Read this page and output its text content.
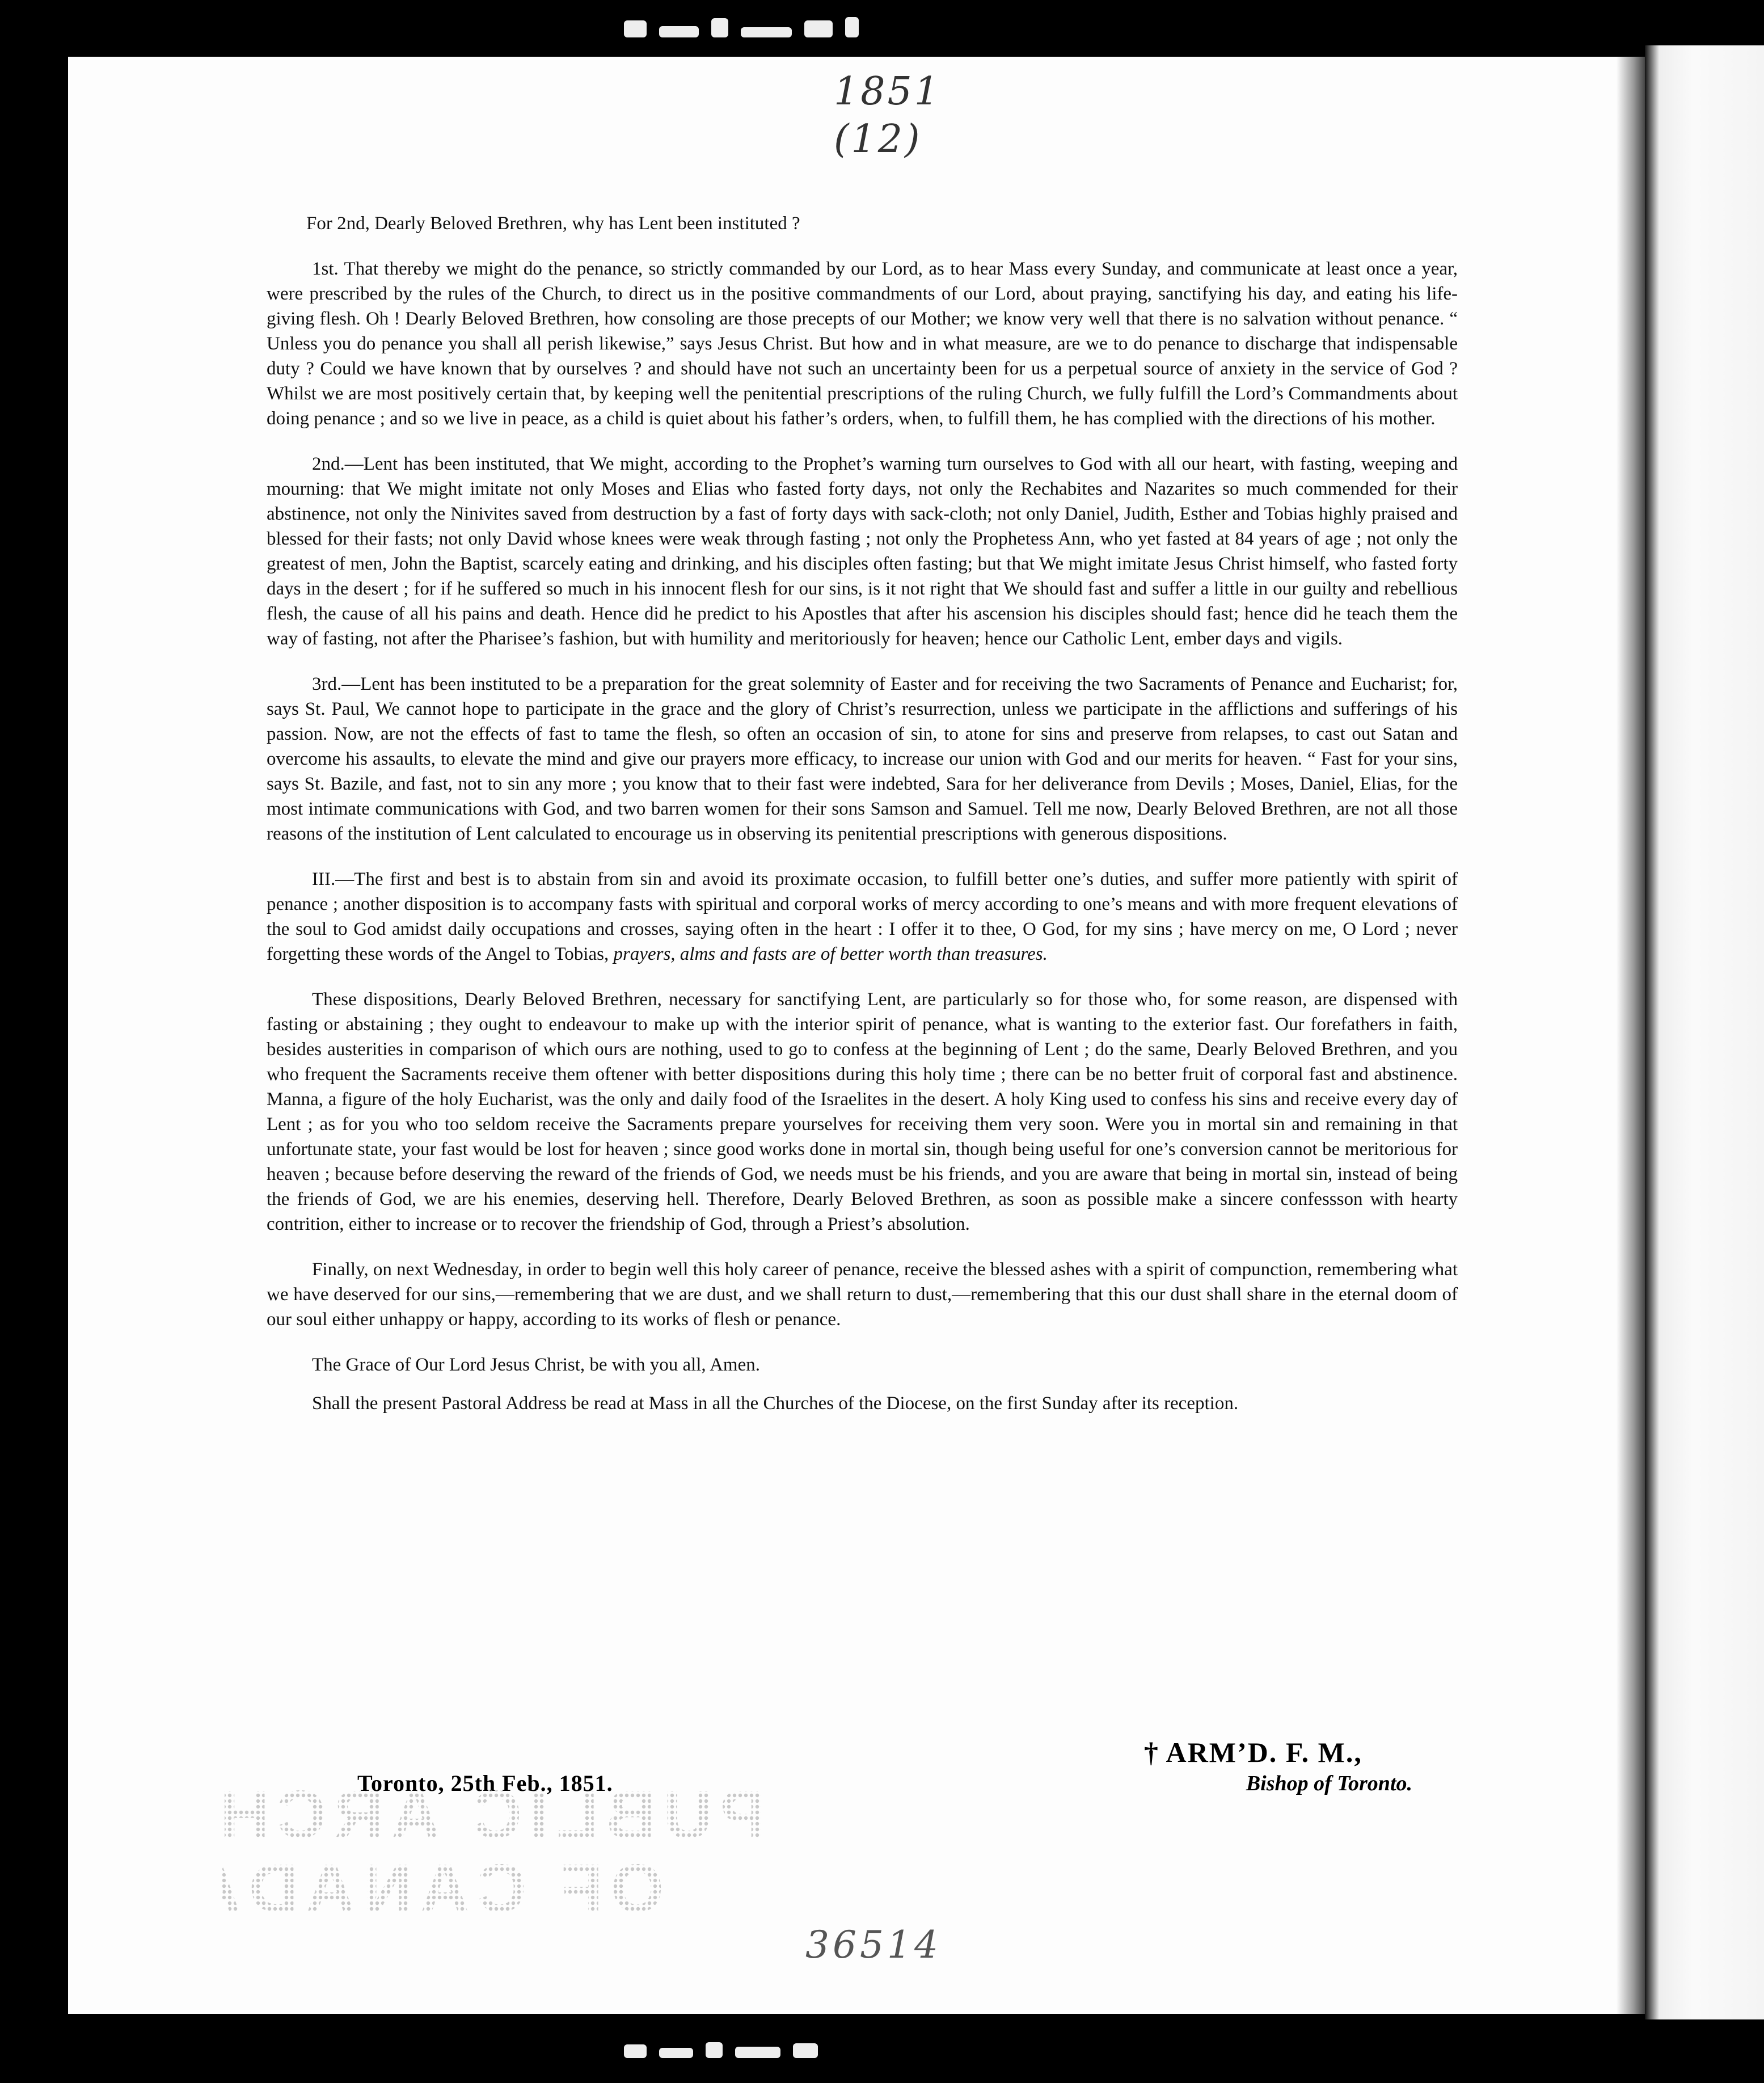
1851
(12)

For 2nd, Dearly Beloved Brethren, why has Lent been instituted ?

1st. That thereby we might do the penance, so strictly commanded by our Lord, as to hear Mass every Sunday, and communicate at least once a year, were prescribed by the rules of the Church, to direct us in the positive commandments of our Lord, about praying, sanctifying his day, and eating his life-giving flesh. Oh ! Dearly Beloved Brethren, how consoling are those precepts of our Mother; we know very well that there is no salvation without penance. “ Unless you do penance you shall all perish likewise,” says Jesus Christ. But how and in what measure, are we to do penance to discharge that indispensable duty ? Could we have known that by ourselves ? and should have not such an uncertainty been for us a perpetual source of anxiety in the service of God ? Whilst we are most positively certain that, by keeping well the penitential prescriptions of the ruling Church, we fully fulfill the Lord’s Commandments about doing penance ; and so we live in peace, as a child is quiet about his father’s orders, when, to fulfill them, he has complied with the directions of his mother.

2nd.—Lent has been instituted, that We might, according to the Prophet’s warning turn ourselves to God with all our heart, with fasting, weeping and mourning: that We might imitate not only Moses and Elias who fasted forty days, not only the Rechabites and Nazarites so much commended for their abstinence, not only the Ninivites saved from destruction by a fast of forty days with sack-cloth; not only Daniel, Judith, Esther and Tobias highly praised and blessed for their fasts; not only David whose knees were weak through fasting ; not only the Prophetess Ann, who yet fasted at 84 years of age ; not only the greatest of men, John the Baptist, scarcely eating and drinking, and his disciples often fasting; but that We might imitate Jesus Christ himself, who fasted forty days in the desert ; for if he suffered so much in his innocent flesh for our sins, is it not right that We should fast and suffer a little in our guilty and rebellious flesh, the cause of all his pains and death. Hence did he predict to his Apostles that after his ascension his disciples should fast; hence did he teach them the way of fasting, not after the Pharisee’s fashion, but with humility and meritoriously for heaven; hence our Catholic Lent, ember days and vigils.

3rd.—Lent has been instituted to be a preparation for the great solemnity of Easter and for receiving the two Sacraments of Penance and Eucharist; for, says St. Paul, We cannot hope to participate in the grace and the glory of Christ’s resurrection, unless we participate in the afflictions and sufferings of his passion. Now, are not the effects of fast to tame the flesh, so often an occasion of sin, to atone for sins and preserve from relapses, to cast out Satan and overcome his assaults, to elevate the mind and give our prayers more efficacy, to increase our union with God and our merits for heaven. “ Fast for your sins, says St. Bazile, and fast, not to sin any more ; you know that to their fast were indebted, Sara for her deliverance from Devils ; Moses, Daniel, Elias, for the most intimate communications with God, and two barren women for their sons Samson and Samuel. Tell me now, Dearly Beloved Brethren, are not all those reasons of the institution of Lent calculated to encourage us in observing its penitential prescriptions with generous dispositions.

III.—The first and best is to abstain from sin and avoid its proximate occasion, to fulfill better one’s duties, and suffer more patiently with spirit of penance ; another disposition is to accompany fasts with spiritual and corporal works of mercy according to one’s means and with more frequent elevations of the soul to God amidst daily occupations and crosses, saying often in the heart : I offer it to thee, O God, for my sins ; have mercy on me, O Lord ; never forgetting these words of the Angel to Tobias, prayers, alms and fasts are of better worth than treasures.

These dispositions, Dearly Beloved Brethren, necessary for sanctifying Lent, are particularly so for those who, for some reason, are dispensed with fasting or abstaining ; they ought to endeavour to make up with the interior spirit of penance, what is wanting to the exterior fast. Our forefathers in faith, besides austerities in comparison of which ours are nothing, used to go to confess at the beginning of Lent ; do the same, Dearly Beloved Brethren, and you who frequent the Sacraments receive them oftener with better dispositions during this holy time ; there can be no better fruit of corporal fast and abstinence. Manna, a figure of the holy Eucharist, was the only and daily food of the Israelites in the desert. A holy King used to confess his sins and receive every day of Lent ; as for you who too seldom receive the Sacraments prepare yourselves for receiving them very soon. Were you in mortal sin and remaining in that unfortunate state, your fast would be lost for heaven ; since good works done in mortal sin, though being useful for one’s conversion cannot be meritorious for heaven ; because before deserving the reward of the friends of God, we needs must be his friends, and you are aware that being in mortal sin, instead of being the friends of God, we are his enemies, deserving hell. Therefore, Dearly Beloved Brethren, as soon as possible make a sincere confessson with hearty contrition, either to increase or to recover the friendship of God, through a Priest’s absolution.

Finally, on next Wednesday, in order to begin well this holy career of penance, receive the blessed ashes with a spirit of compunction, remembering what we have deserved for our sins,—remembering that we are dust, and we shall return to dust,—remembering that this our dust shall share in the eternal doom of our soul either unhappy or happy, according to its works of flesh or penance.

The Grace of Our Lord Jesus Christ, be with you all, Amen.

Shall the present Pastoral Address be read at Mass in all the Churches of the Diocese, on the first Sunday after its reception.

Toronto, 25th Feb., 1851.
† ARM’D. F. M.,
Bishop of Toronto.
PUBLIC ARCH
OF CANADA
36514
